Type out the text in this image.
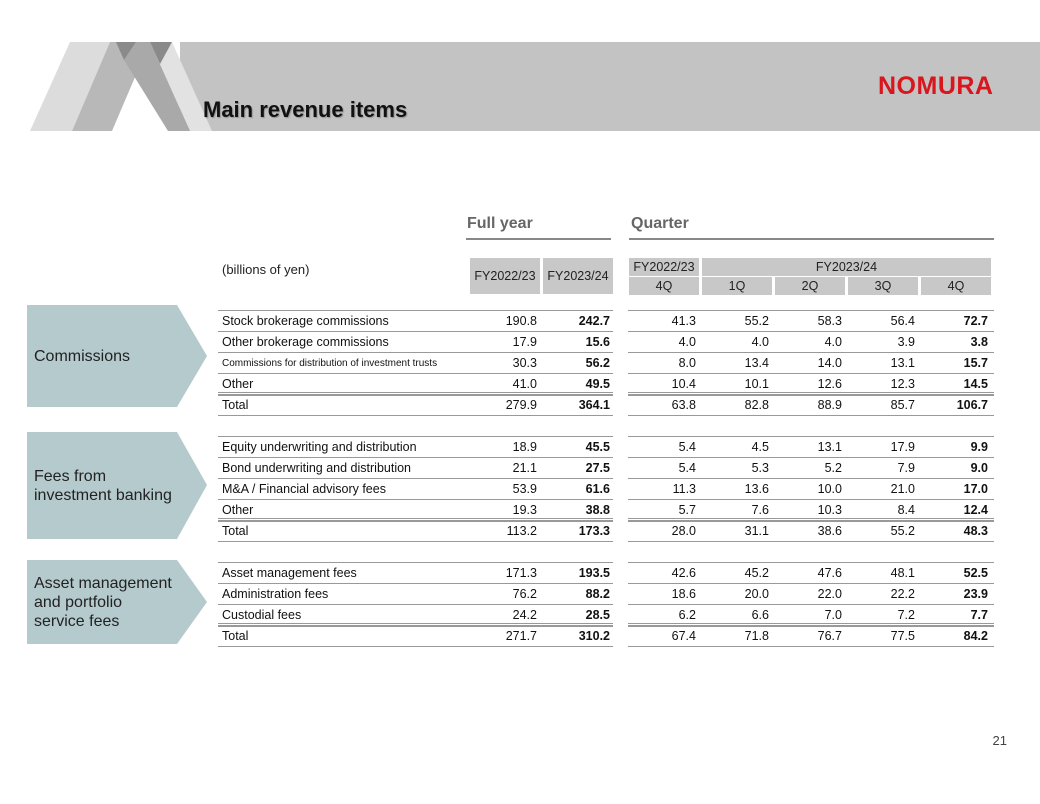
Main revenue items
NOMURA
Full year	Quarter
(billions of yen)	FY2022/23 FY2023/24
FY2022/23	FY2023/24
4Q	1Q	2Q	3Q	4Q
Commissions
Fees from investment banking
Asset management and portfolio service fees
Stock brokerage commissions	190.8	242.7	41.3	55.2	58.3	56.4	72.7
Other brokerage commissions	17.9	15.6	4.0	4.0	4.0	3.9	3.8
Commissions for distribution of investment trusts	30.3	56.2	8.0	13.4	14.0	13.1	15.7
Other	41.0	49.5	10.4	10.1	12.6	12.3	14.5
Total	279.9	364.1	63.8	82.8	88.9	85.7	106.7
Equity underwriting and distribution	18.9	45.5	5.4	4.5	13.1	17.9	9.9
Bond underwriting and distribution	21.1	27.5	5.4	5.3	5.2	7.9	9.0
M&A / Financial advisory fees	53.9	61.6	11.3	13.6	10.0	21.0	17.0
Other	19.3	38.8	5.7	7.6	10.3	8.4	12.4
Total	113.2	173.3	28.0	31.1	38.6	55.2	48.3
Asset management fees	171.3	193.5	42.6	45.2	47.6	48.1	52.5
Administration fees	76.2	88.2	18.6	20.0	22.0	22.2	23.9
Custodial fees	24.2	28.5	6.2	6.6	7.0	7.2	7.7
Total	271.7	310.2	67.4	71.8	76.7	77.5	84.2
21
